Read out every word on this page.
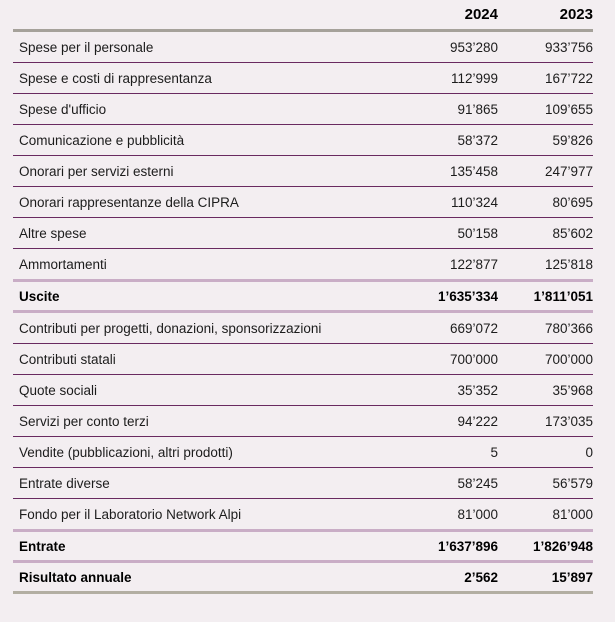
2024	2023
Spese per il personale	953’280	933’756
Spese e costi di rappresentanza	112’999	167’722
Spese d'ufficio	91’865	109’655
Comunicazione e pubblicità	58’372	59’826
Onorari per servizi esterni	135’458	247’977
Onorari rappresentanze della CIPRA	110’324	80’695
Altre spese	50’158	85’602
Ammortamenti	122’877	125’818
Uscite	1’635’334	1’811’051
Contributi per progetti, donazioni, sponsorizzazioni	669’072	780’366
Contributi statali	700’000	700’000
Quote sociali	35’352	35’968
Servizi per conto terzi	94’222	173’035
Vendite (pubblicazioni, altri prodotti)	5	0
Entrate diverse	58’245	56’579
Fondo per il Laboratorio Network Alpi	81’000	81’000
Entrate	1’637’896	1’826’948
Risultato annuale	2’562	15’897
